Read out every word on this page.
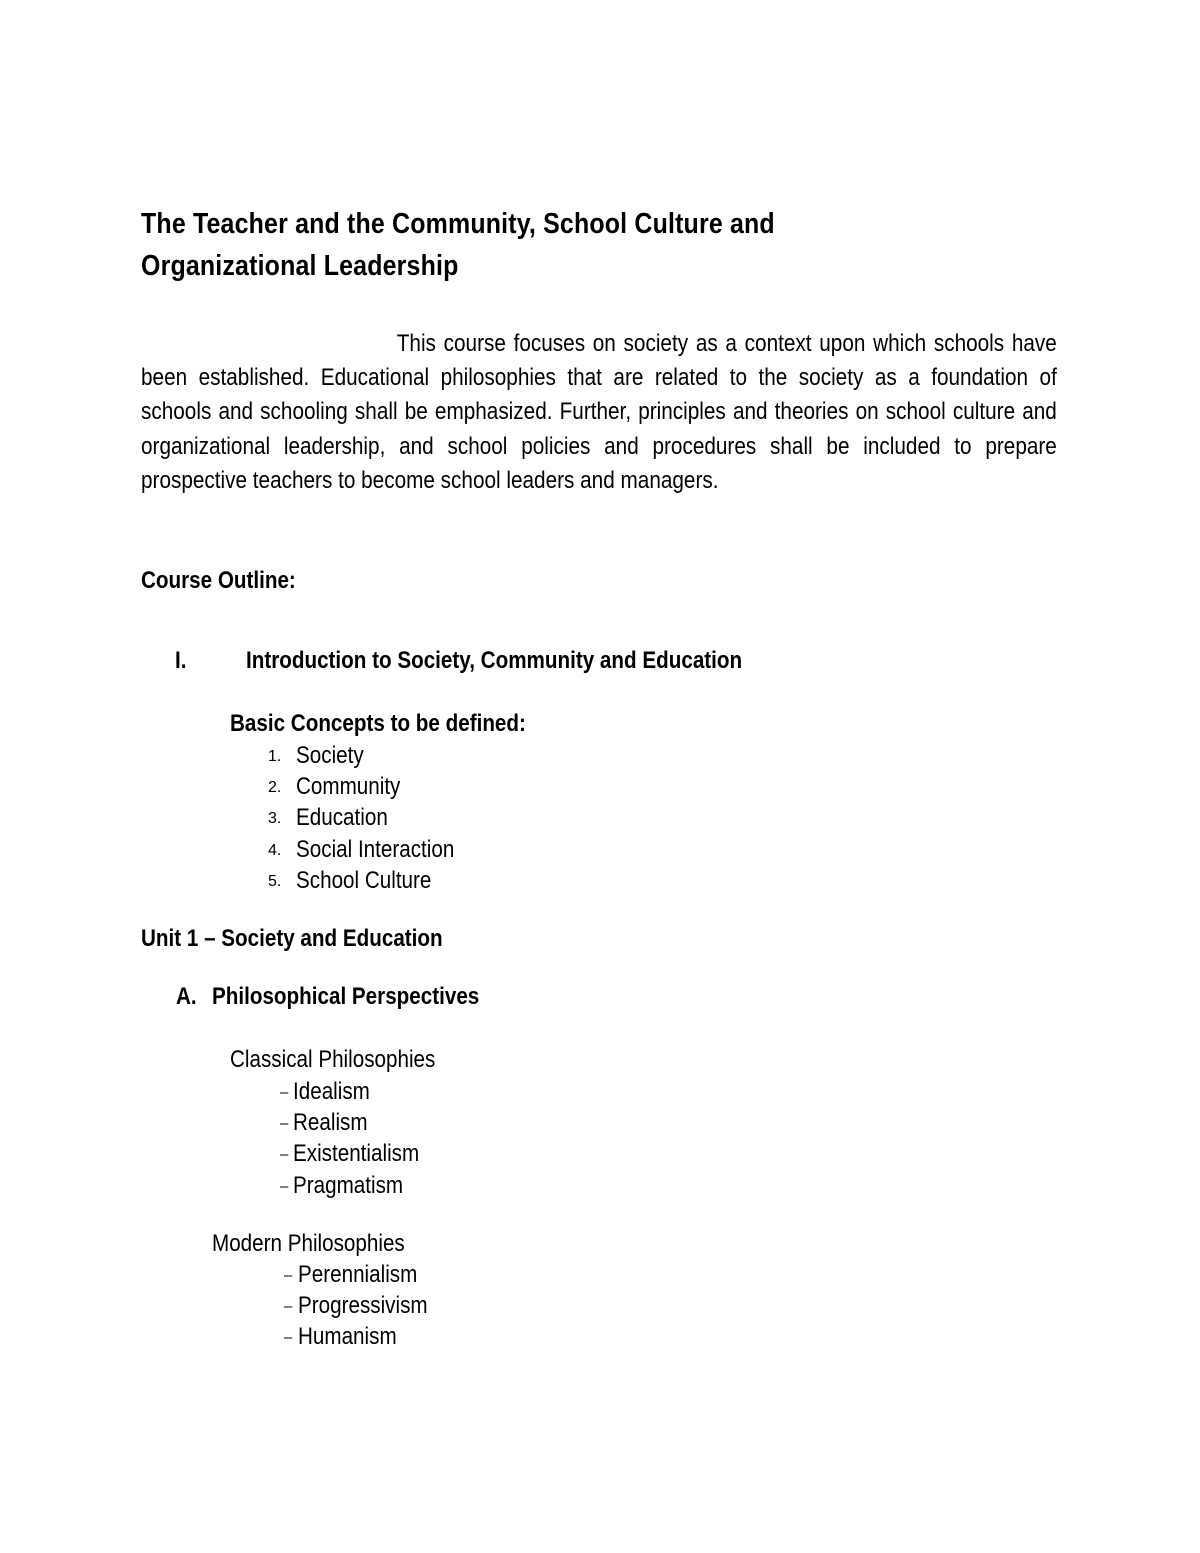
The Teacher and the Community, School Culture and Organizational Leadership
This course focuses on society as a context upon which schools have been established. Educational philosophies that are related to the society as a foundation of schools and schooling shall be emphasized. Further, principles and theories on school culture and organizational leadership, and school policies and procedures shall be included to prepare prospective teachers to become school leaders and managers.
Course Outline:
I. Introduction to Society, Community and Education
Basic Concepts to be defined:
1. Society
2. Community
3. Education
4. Social Interaction
5. School Culture
Unit 1 – Society and Education
A. Philosophical Perspectives
Classical Philosophies
– Idealism
– Realism
– Existentialism
– Pragmatism
Modern Philosophies
– Perennialism
– Progressivism
– Humanism
